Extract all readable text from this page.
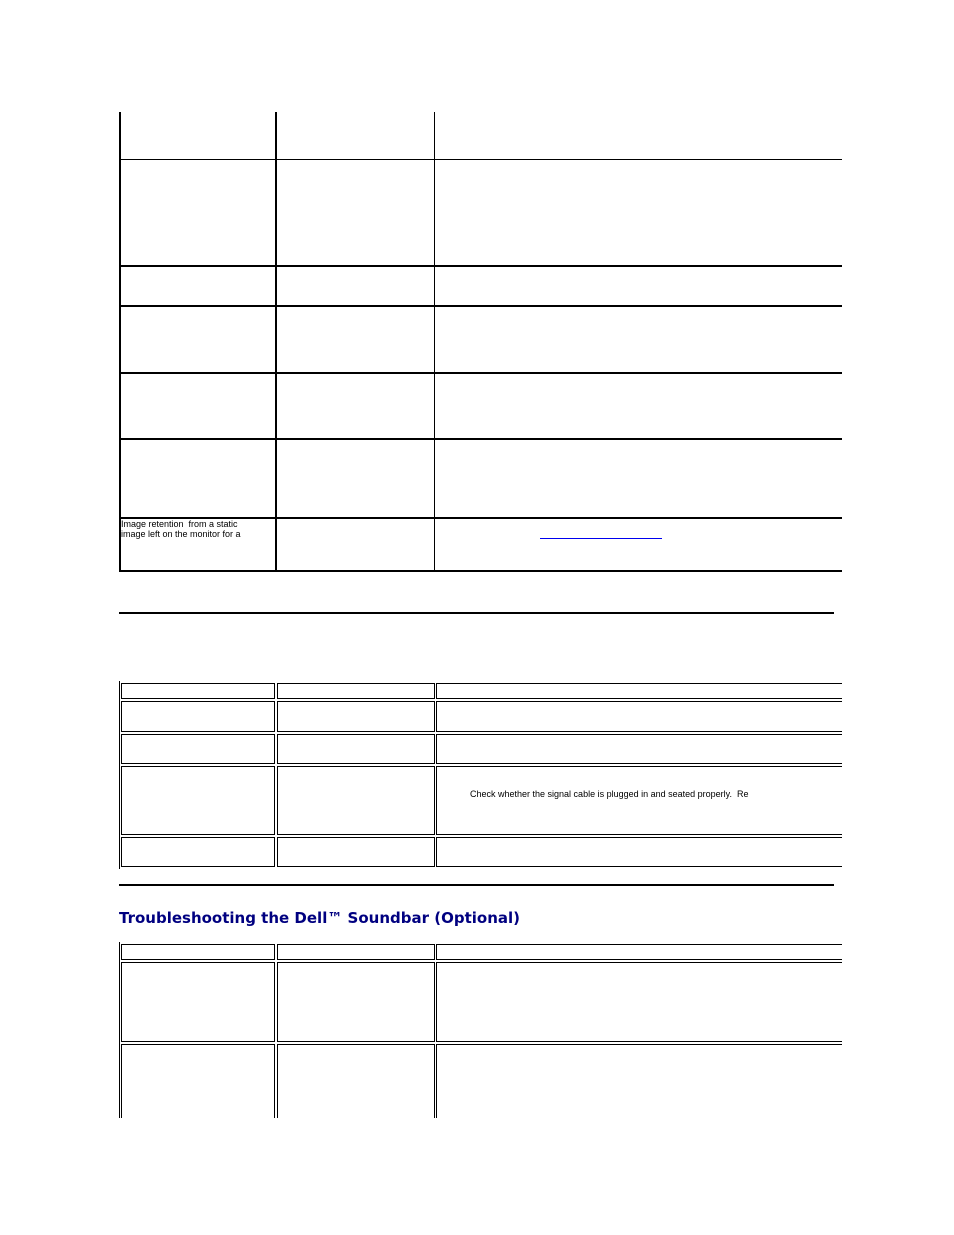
Image retention  from a static
image left on the monitor for a
Check whether the signal cable is plugged in and seated properly.  Re
Troubleshooting the Dell™ Soundbar (Optional)
